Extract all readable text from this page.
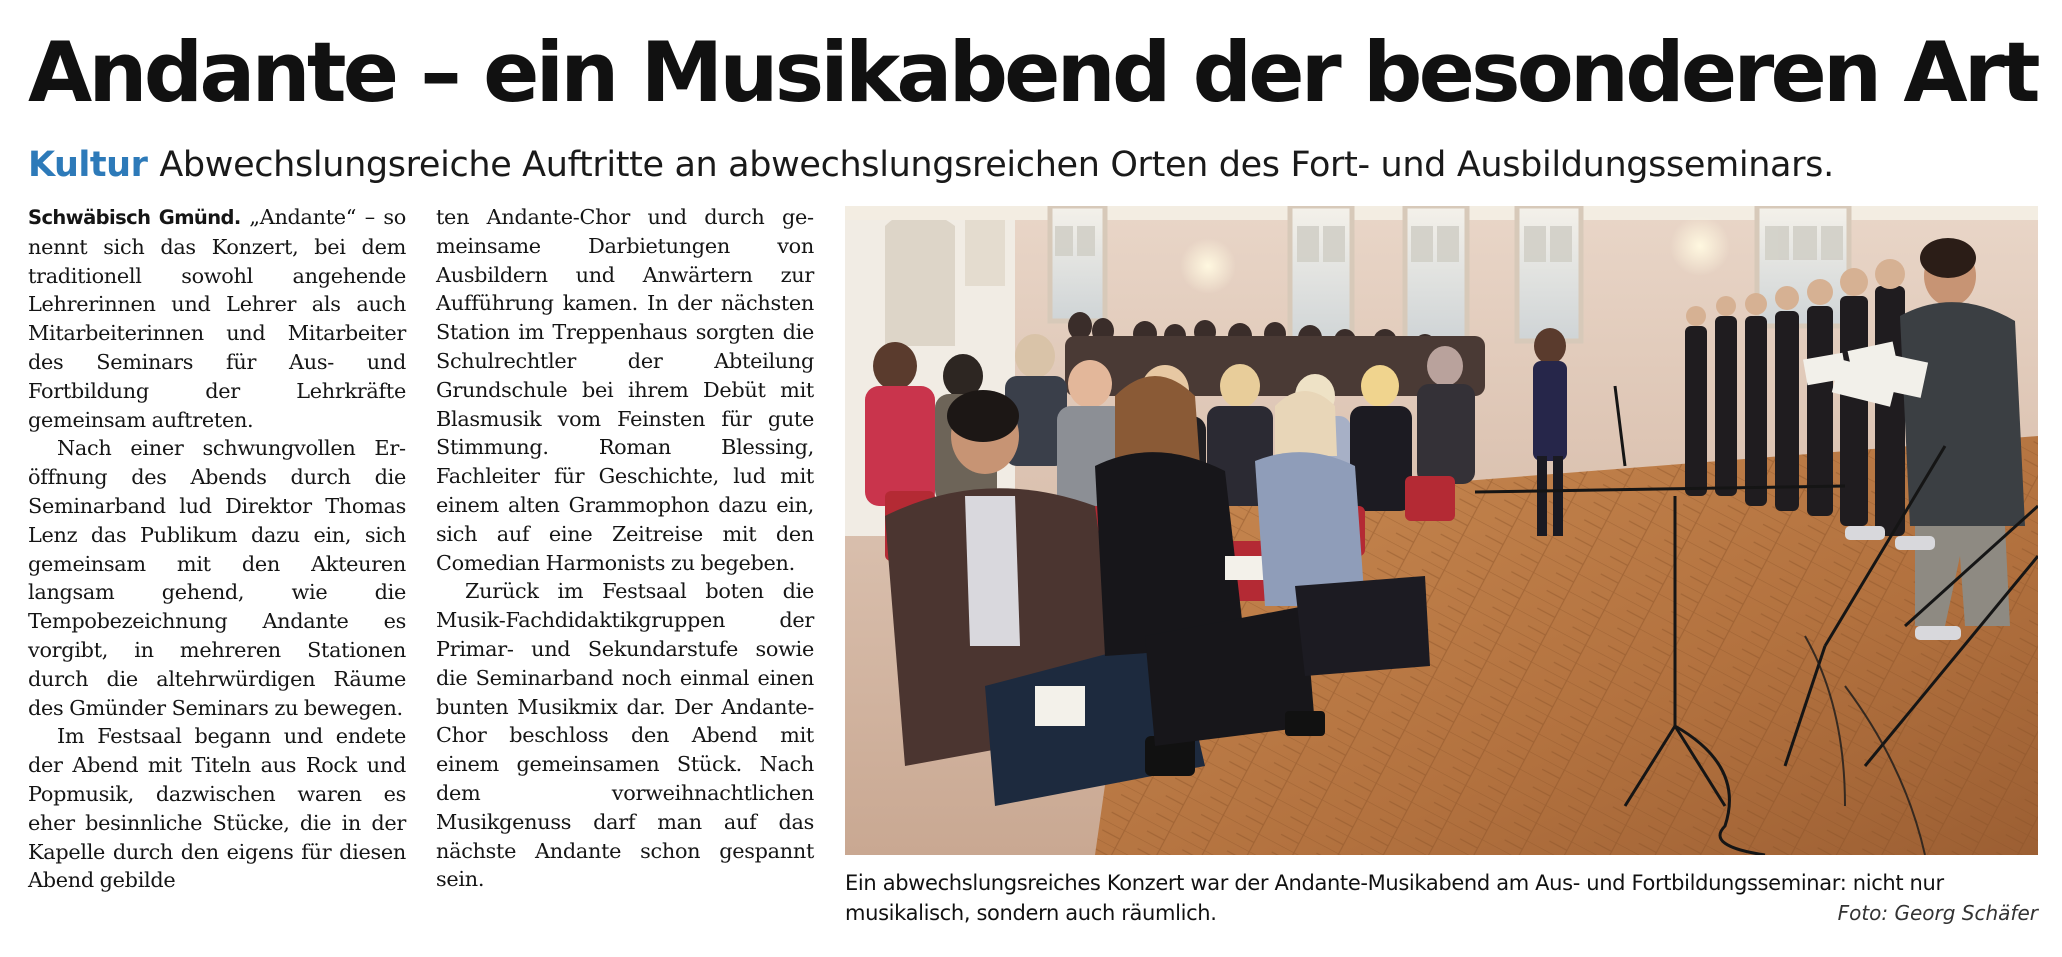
Andante – ein Musikabend der besonderen Art
Kultur Abwechslungsreiche Auftritte an abwechslungsreichen Orten des Fort- und Ausbildungsseminars.

Schwäbisch Gmünd. „Andante“ – so nennt sich das Konzert, bei dem traditionell sowohl angehende Lehrerinnen und Lehrer als auch Mitarbeiterinnen und Mitarbeiter des Seminars für Aus- und Fortbildung der Lehrkräfte gemeinsam auftreten.

Nach einer schwungvollen Eröffnung des Abends durch die Seminarband lud Direktor Thomas Lenz das Publikum dazu ein, sich gemeinsam mit den Akteuren langsam gehend, wie die Tempobezeichnung Andante es vorgibt, in mehreren Stationen durch die altehrwürdigen Räume des Gmünder Seminars zu bewegen.

Im Festsaal begann und endete der Abend mit Titeln aus Rock und Popmusik, dazwischen waren es eher besinnliche Stücke, die in der Kapelle durch den eigens für diesen Abend gebilde

ten Andante-Chor und durch gemeinsame Darbietungen von Ausbildern und Anwärtern zur Aufführung kamen. In der nächsten Station im Treppenhaus sorgten die Schulrechtler der Abteilung Grundschule bei ihrem Debüt mit Blasmusik vom Feinsten für gute Stimmung. Roman Blessing, Fachleiter für Geschichte, lud mit einem alten Grammophon dazu ein, sich auf eine Zeitreise mit den Comedian Harmonists zu begeben.

Zurück im Festsaal boten die Musik-Fachdidaktikgruppen der Primar- und Sekundarstufe sowie die Seminarband noch einmal einen bunten Musikmix dar. Der Andante-Chor beschloss den Abend mit einem gemeinsamen Stück. Nach dem vorweihnachtlichen Musikgenuss darf man auf das nächste Andante schon gespannt sein.	Ein abwechslungsreiches Konzert war der Andante-Musikabend am Aus- und Fortbildungsseminar: nicht nur musikalisch, sondern auch räumlich.	Foto: Georg Schäfer
